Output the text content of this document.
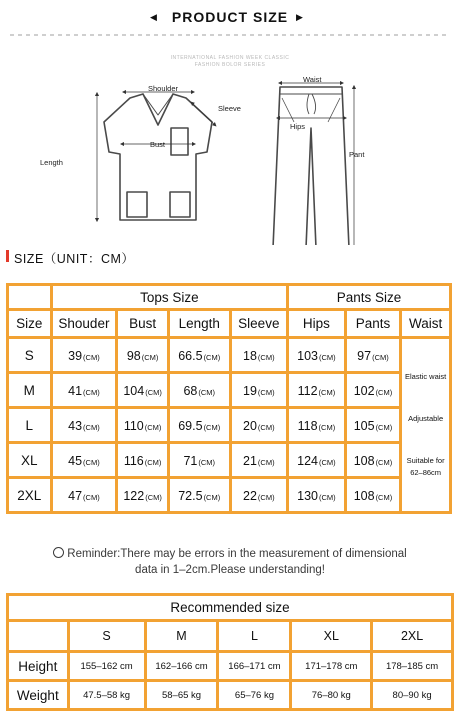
◀	PRODUCT SIZE ▶
INTERNATIONAL FASHION WEEK CLASSIC
FASHION BOLOR SERIES
Shoulder
Sleeve
Bust
Length
Waist
Hips
Pant
SIZE（UNIT：CM）
	Tops Size				Pants Size		
Size	Shouder	Bust	Length	Sleeve	Hips	Pants	Waist
S	39(CM)	98(CM)	66.5(CM)	18(CM)	103(CM)	97(CM)	Elastic waist
Adjustable
Suitable for 62–86cm

M	41(CM)	104(CM)	68(CM)	19(CM)	112(CM)	102(CM)	
L	43(CM)	110(CM)	69.5(CM)	20(CM)	118(CM)	105(CM)	
XL	45(CM)	116(CM)	71(CM)	21(CM)	124(CM)	108(CM)	
2XL	47(CM)	122(CM)	72.5(CM)	22(CM)	130(CM)	108(CM)	
Reminder:There may be errors in the measurement of dimensional
data in 1–2cm.Please understanding!
Recommended size					
	S	M	L	XL	2XL
Height	155–162 cm	162–166 cm	166–171 cm	171–178 cm	178–185 cm
Weight	47.5–58 kg	58–65 kg	65–76 kg	76–80 kg	80–90 kg
